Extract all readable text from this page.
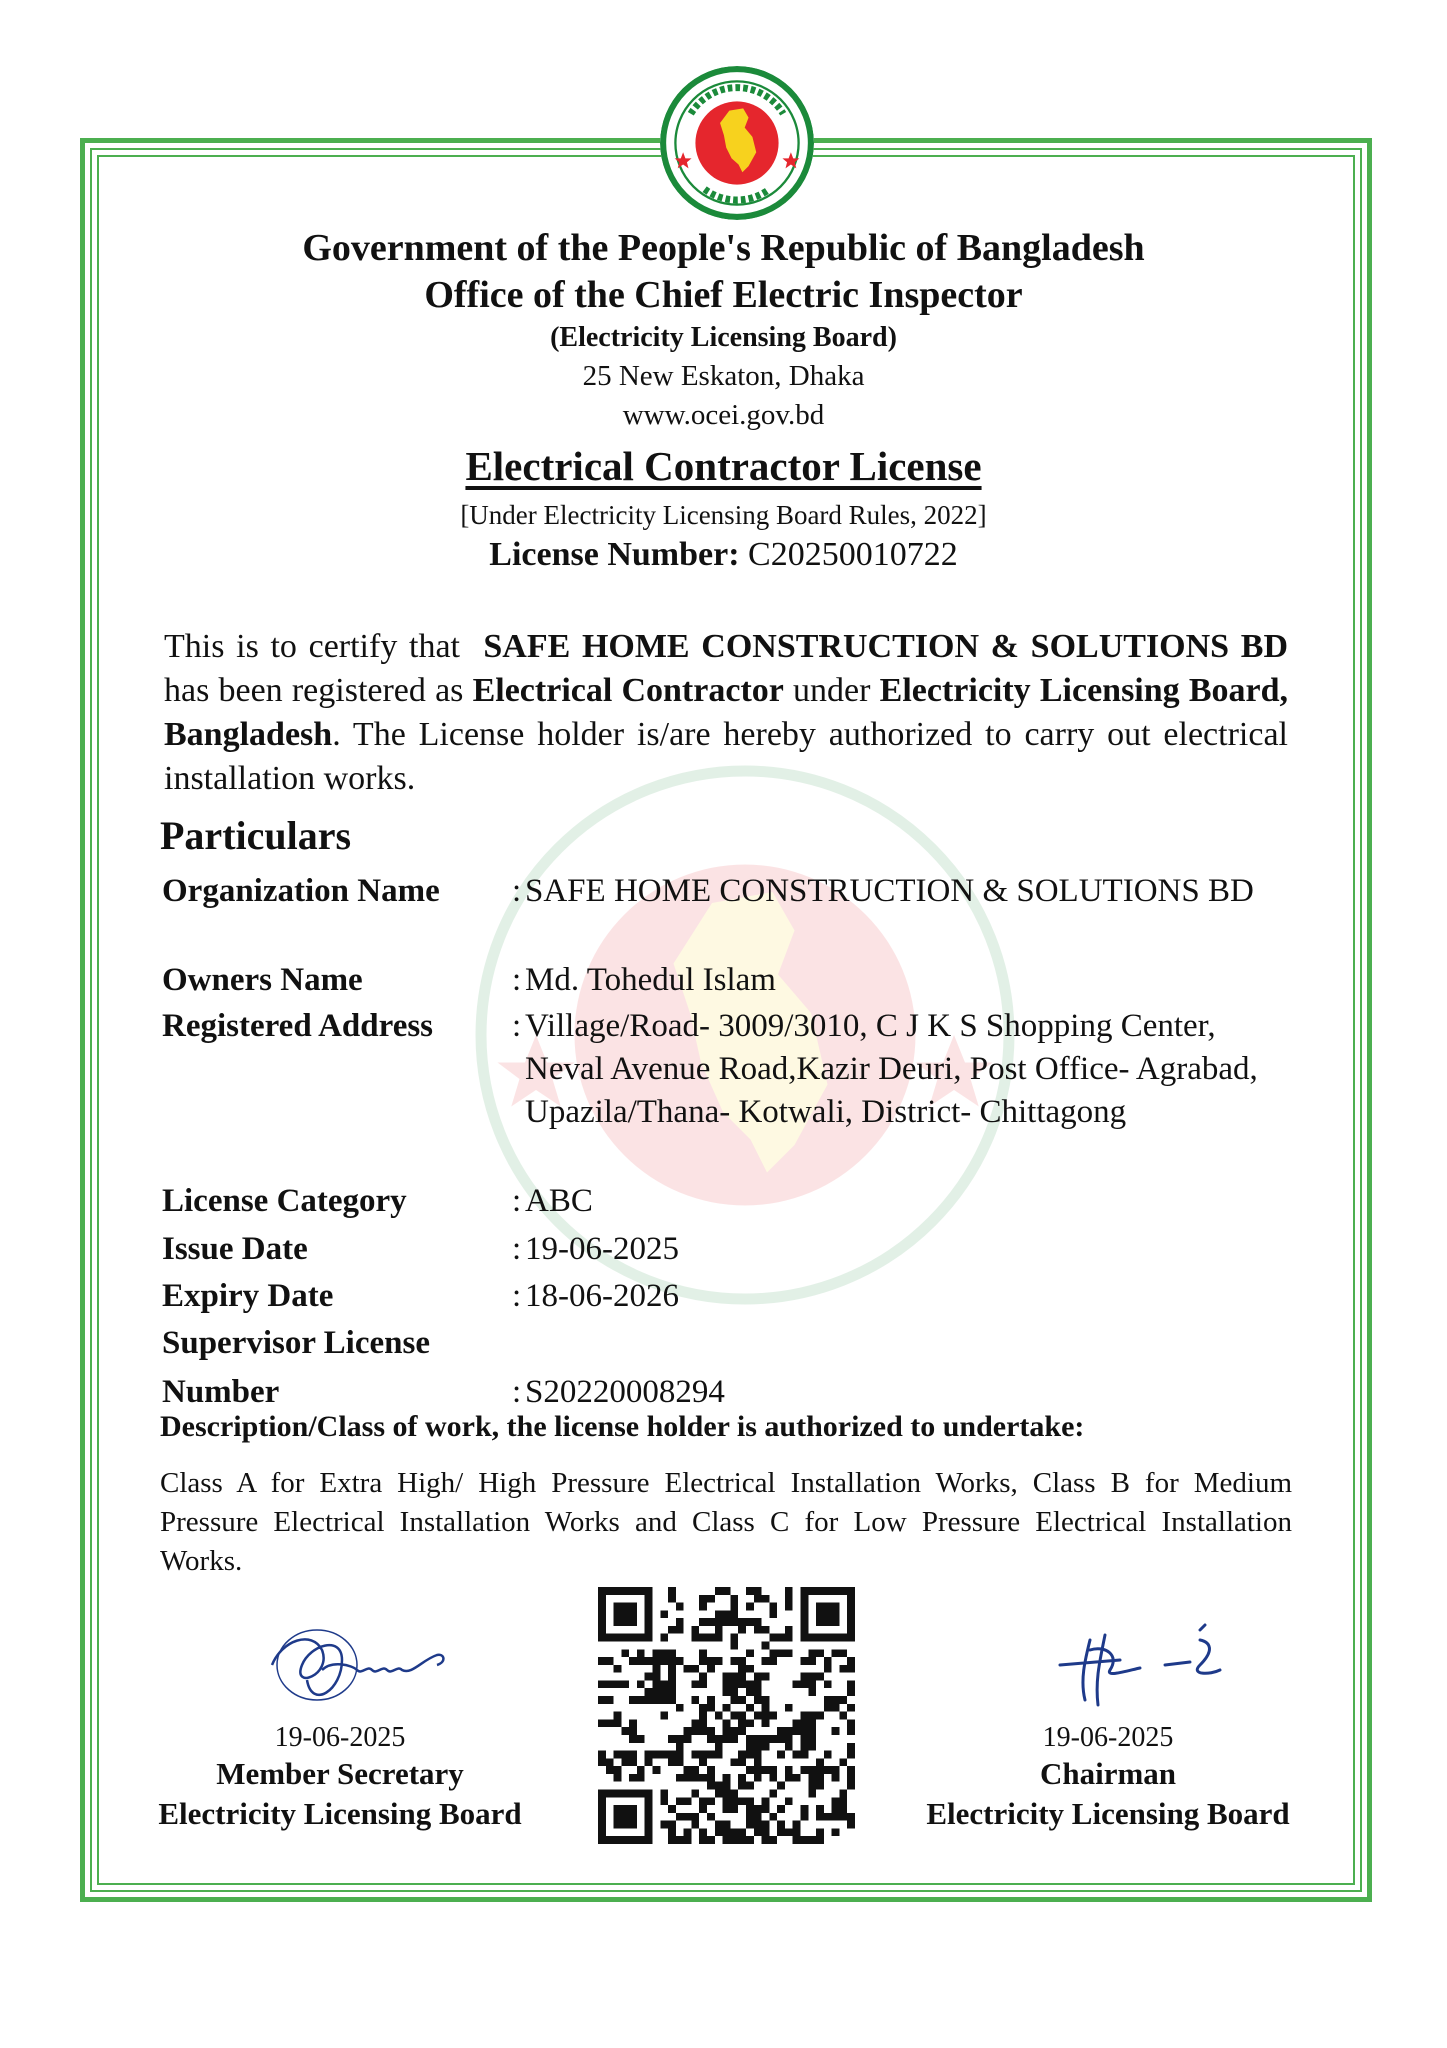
Government of the People's Republic of Bangladesh
Office of the Chief Electric Inspector
(Electricity Licensing Board)
25 New Eskaton, Dhaka
www.ocei.gov.bd
Electrical Contractor License
[Under Electricity Licensing Board Rules, 2022]
License Number: C20250010722
This is to certify that SAFE HOME CONSTRUCTION & SOLUTIONS BD has been registered as Electrical Contractor under Electricity Licensing Board, Bangladesh. The License holder is/are hereby authorized to carry out electrical installation works.
Particulars
Organization Name	: SAFE HOME CONSTRUCTION & SOLUTIONS BD
Owners Name	: Md. Tohedul Islam
Registered Address	: Village/Road- 3009/3010, C J K S Shopping Center, Neval Avenue Road,Kazir Deuri, Post Office- Agrabad, Upazila/Thana- Kotwali, District- Chittagong
License Category	: ABC
Issue Date	: 19-06-2025
Expiry Date	: 18-06-2026
Supervisor License
Number	: S20220008294
Description/Class of work, the license holder is authorized to undertake:
Class A for Extra High/ High Pressure Electrical Installation Works, Class B for Medium Pressure Electrical Installation Works and Class C for Low Pressure Electrical Installation Works.
19-06-2025
Member Secretary
Electricity Licensing Board
19-06-2025
Chairman
Electricity Licensing Board
